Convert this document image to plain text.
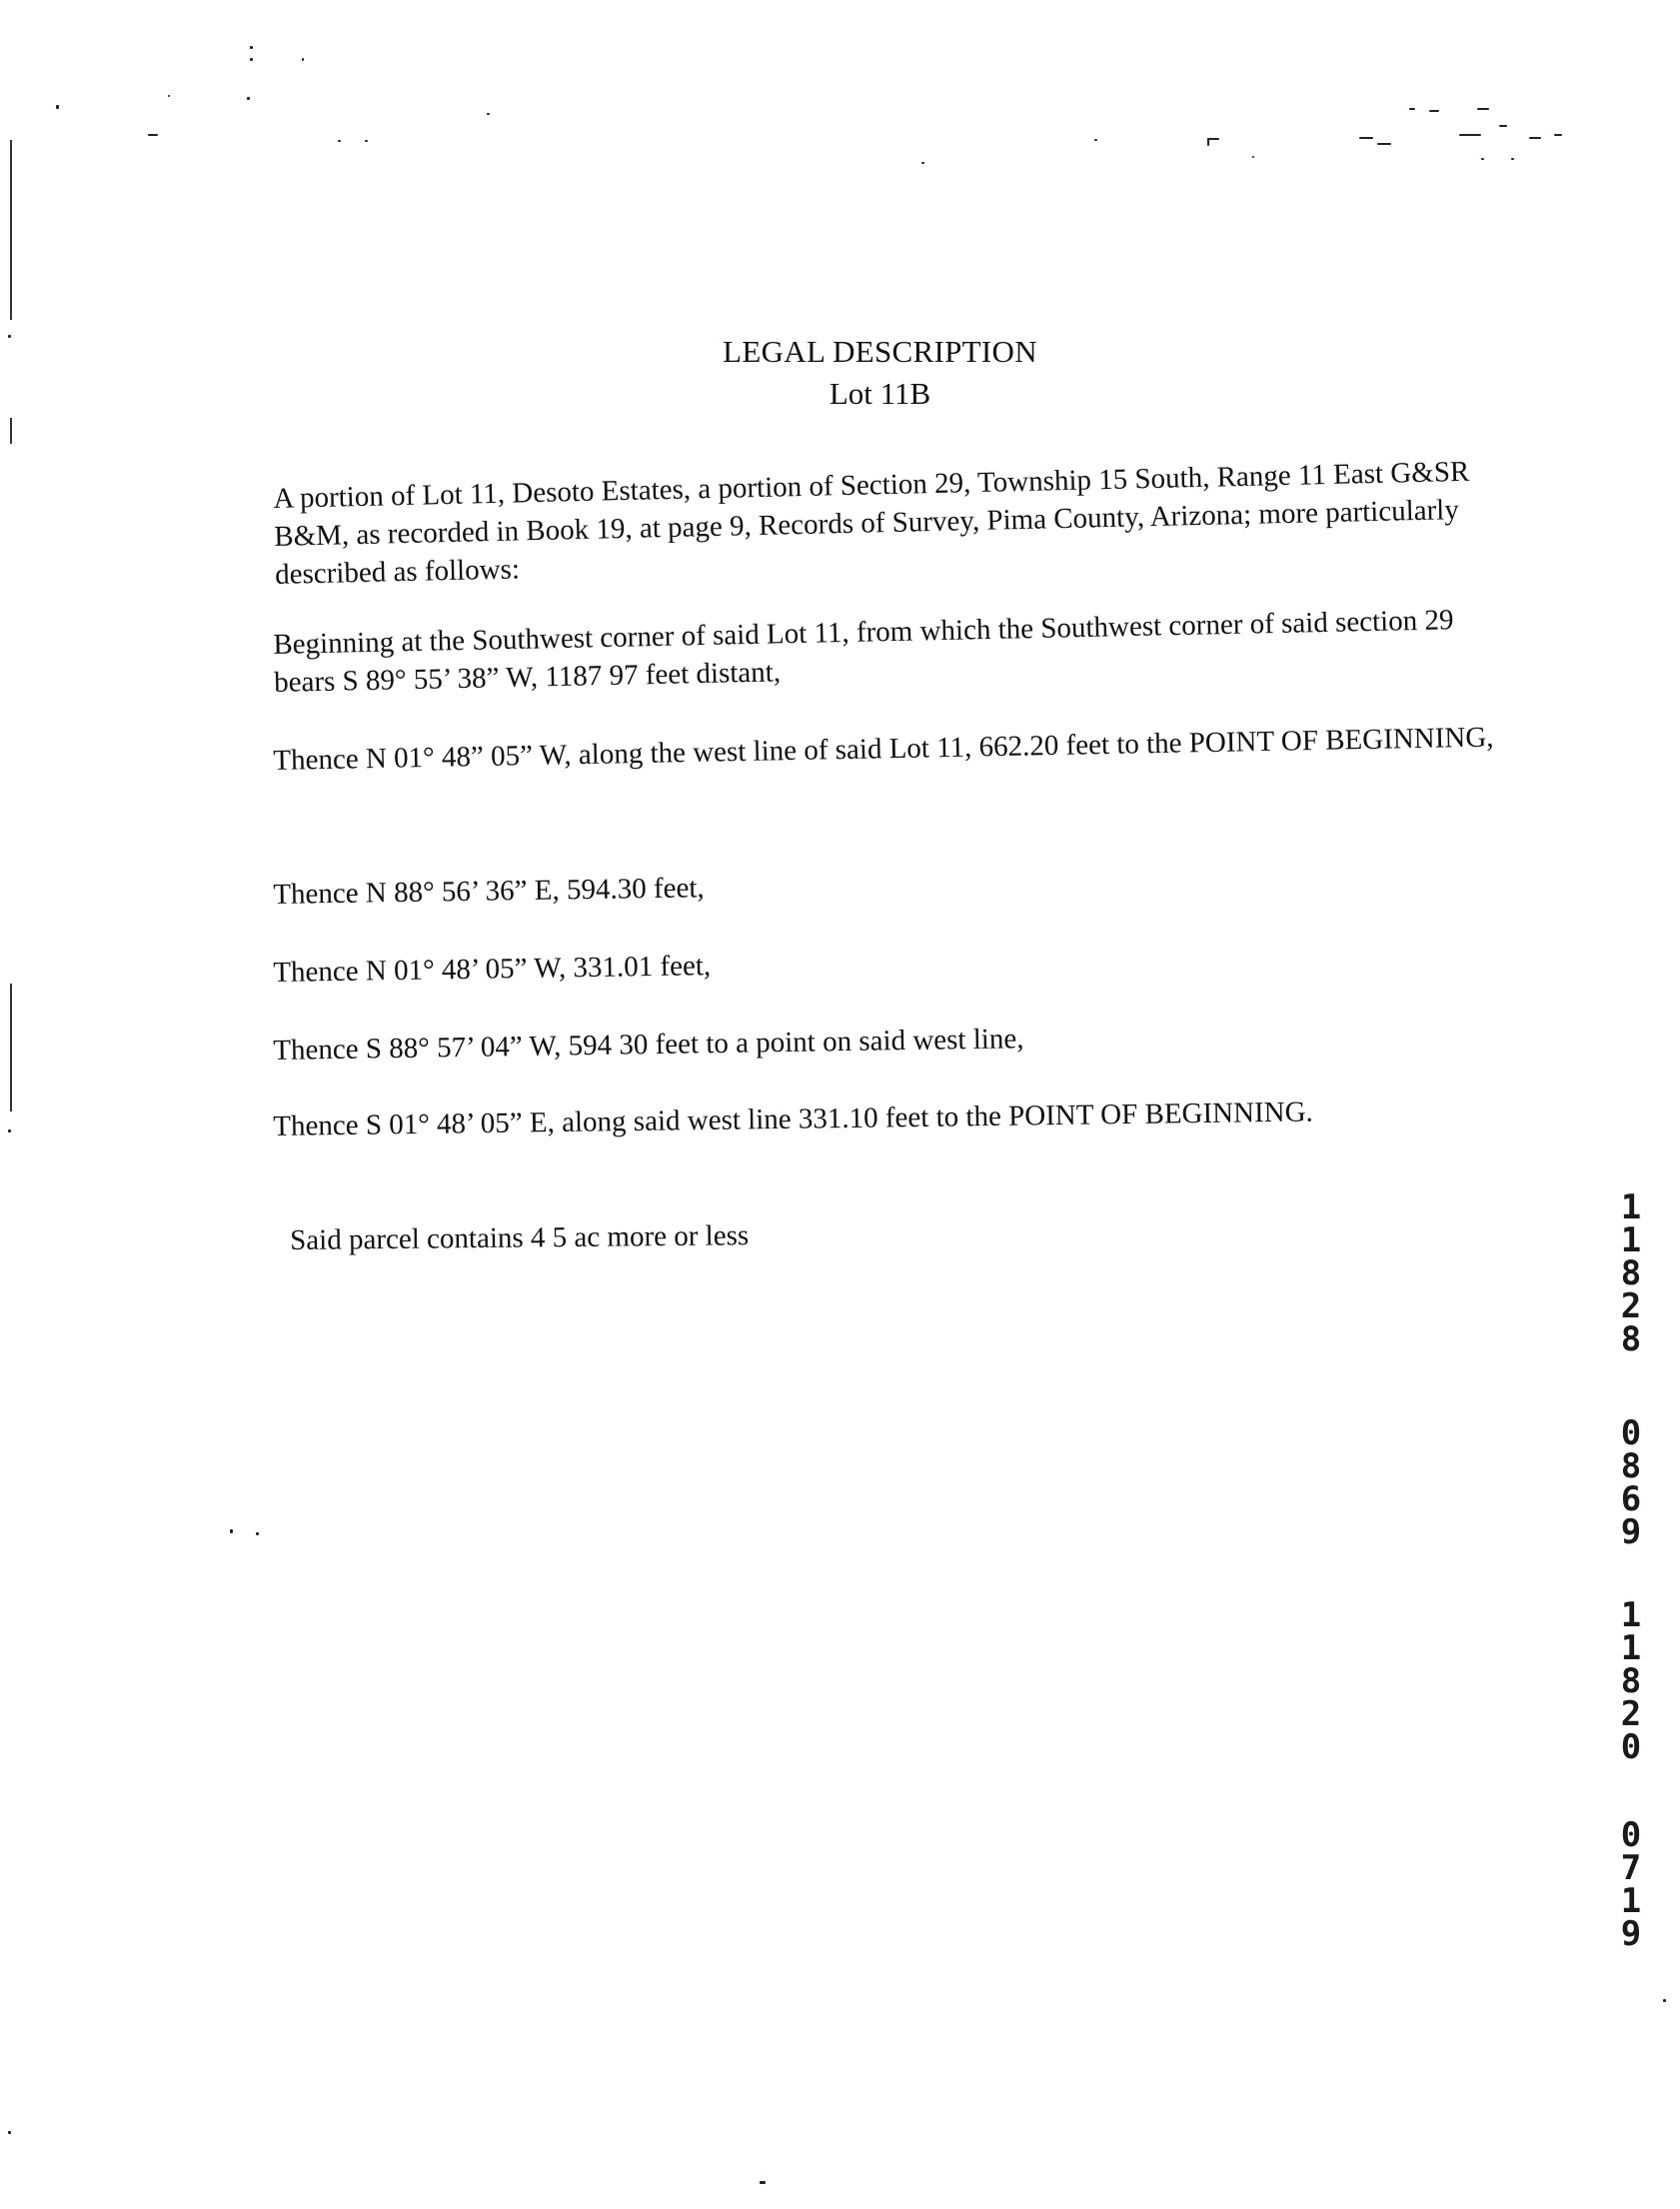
LEGAL DESCRIPTION
Lot 11B
A portion of Lot 11, Desoto Estates, a portion of Section 29, Township 15 South, Range 11 East G&SR B&M, as recorded in Book 19, at page 9, Records of Survey, Pima County, Arizona; more particularly described as follows:
Beginning at the Southwest corner of said Lot 11, from which the Southwest corner of said section 29 bears S 89° 55’ 38” W, 1187 97 feet distant,
Thence N 01° 48” 05” W, along the west line of said Lot 11, 662.20 feet to the POINT OF BEGINNING,
Thence N 88° 56’ 36” E, 594.30 feet,
Thence N 01° 48’ 05” W, 331.01 feet,
Thence S 88° 57’ 04” W, 594 30 feet to a point on said west line,
Thence S 01° 48’ 05” E, along said west line 331.10 feet to the POINT OF BEGINNING.
Said parcel contains 4 5 ac more or less
1
1
8
2
8
0
8
6
9
1
1
8
2
0
0
7
1
9
